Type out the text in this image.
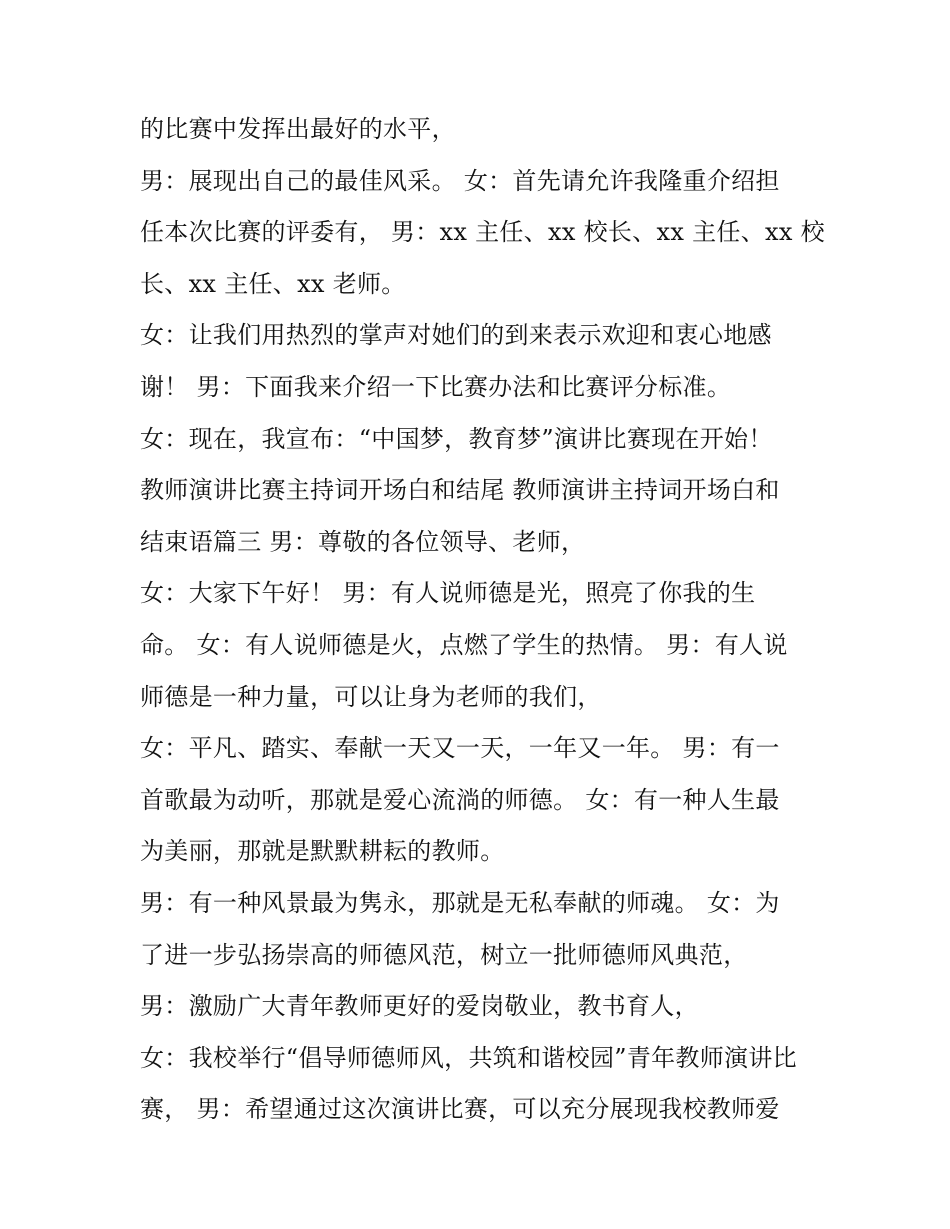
的比赛中发挥出最好的水平，
男：展现出自己的最佳风采。 女：首先请允许我隆重介绍担
任本次比赛的评委有， 男：xx 主任、xx 校长、xx 主任、xx 校
长、xx 主任、xx 老师。
女：让我们用热烈的掌声对她们的到来表示欢迎和衷心地感
谢！ 男：下面我来介绍一下比赛办法和比赛评分标准。
女：现在，我宣布：“中国梦，教育梦”演讲比赛现在开始！
教师演讲比赛主持词开场白和结尾 教师演讲主持词开场白和
结束语篇三 男：尊敬的各位领导、老师，
女：大家下午好！ 男：有人说师德是光，照亮了你我的生
命。 女：有人说师德是火，点燃了学生的热情。 男：有人说
师德是一种力量，可以让身为老师的我们，
女：平凡、踏实、奉献一天又一天，一年又一年。 男：有一
首歌最为动听，那就是爱心流淌的师德。 女：有一种人生最
为美丽，那就是默默耕耘的教师。
男：有一种风景最为隽永，那就是无私奉献的师魂。 女：为
了进一步弘扬崇高的师德风范，树立一批师德师风典范，
男：激励广大青年教师更好的爱岗敬业，教书育人，
女：我校举行“倡导师德师风，共筑和谐校园”青年教师演讲比
赛， 男：希望通过这次演讲比赛，可以充分展现我校教师爱
